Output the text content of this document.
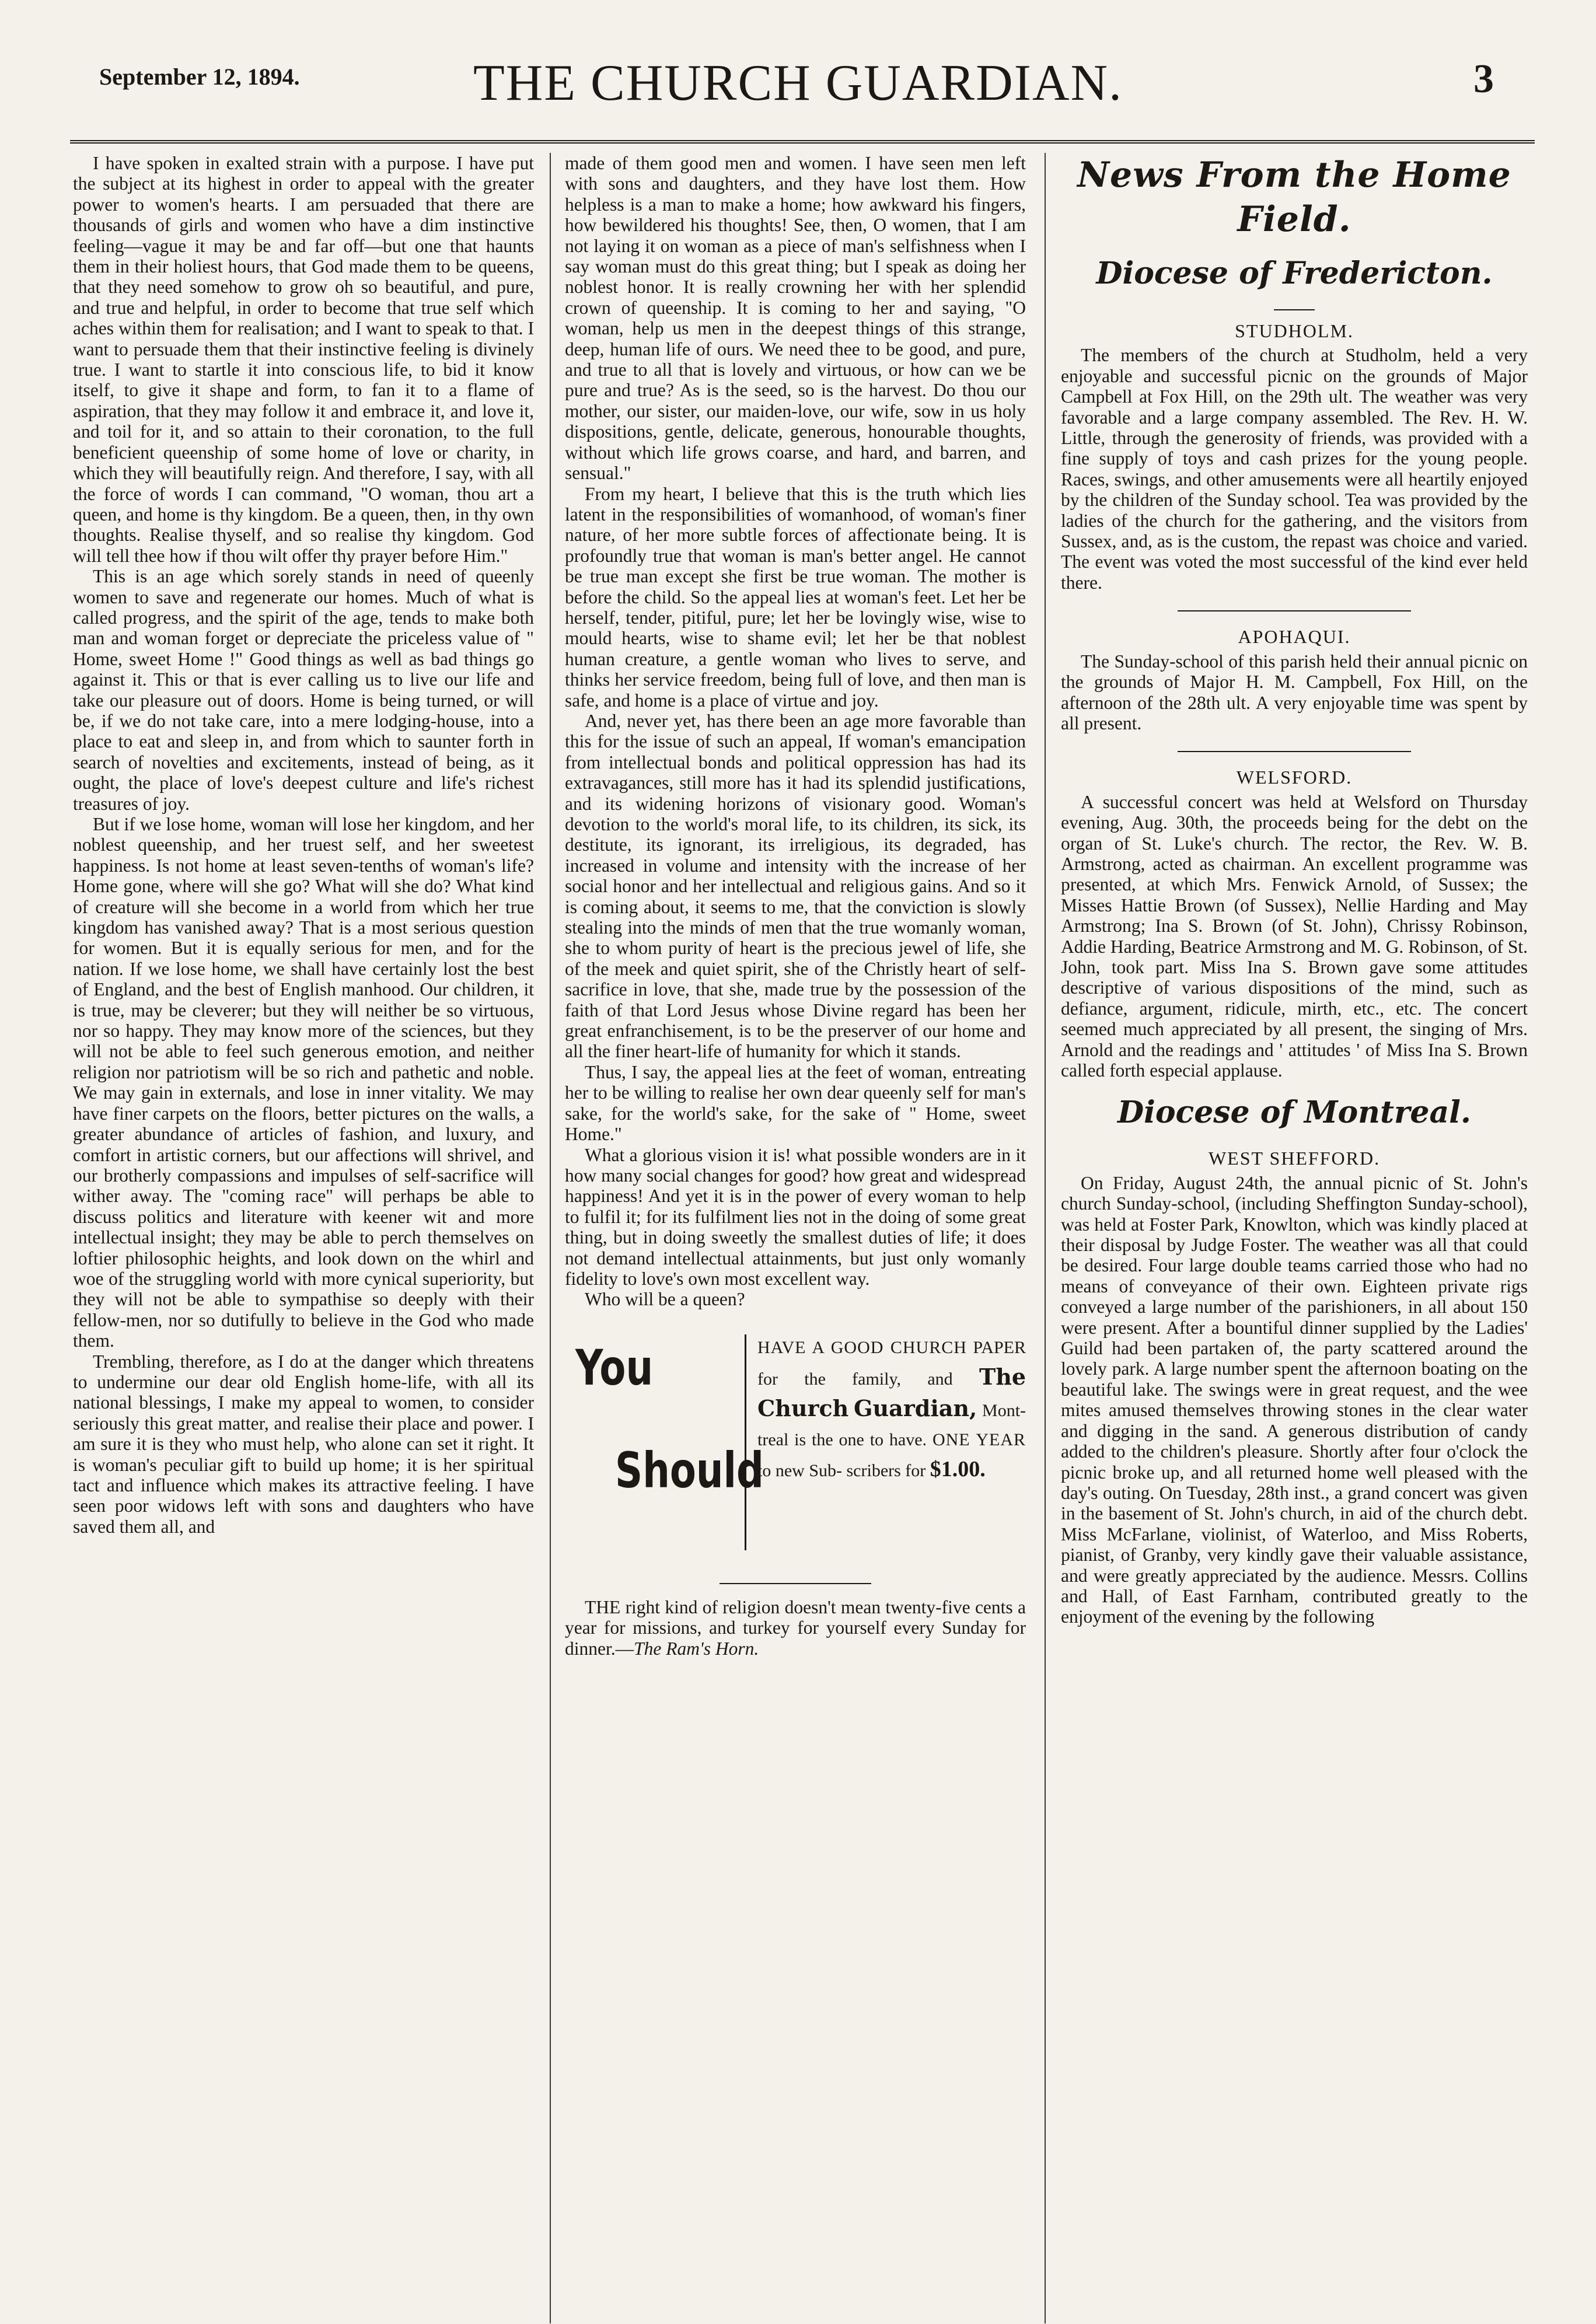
September 12, 1894.	THE CHURCH GUARDIAN.	3

I have spoken in exalted strain with a purpose. I have put the subject at its highest in order to appeal with the greater power to women's hearts. I am persuaded that there are thousands of girls and women who have a dim instinctive feeling—vague it may be and far off—but one that haunts them in their holiest hours, that God made them to be queens, that they need somehow to grow oh so beautiful, and pure, and true and helpful, in order to become that true self which aches within them for realisation; and I want to speak to that. I want to persuade them that their instinctive feeling is divinely true. I want to startle it into conscious life, to bid it know itself, to give it shape and form, to fan it to a flame of aspiration, that they may follow it and embrace it, and love it, and toil for it, and so attain to their coronation, to the full beneficient queenship of some home of love or charity, in which they will beautifully reign. And therefore, I say, with all the force of words I can command, "O woman, thou art a queen, and home is thy kingdom. Be a queen, then, in thy own thoughts. Realise thyself, and so realise thy kingdom. God will tell thee how if thou wilt offer thy prayer before Him."

This is an age which sorely stands in need of queenly women to save and regenerate our homes. Much of what is called progress, and the spirit of the age, tends to make both man and woman forget or depreciate the priceless value of " Home, sweet Home !" Good things as well as bad things go against it. This or that is ever calling us to live our life and take our pleasure out of doors. Home is being turned, or will be, if we do not take care, into a mere lodging-house, into a place to eat and sleep in, and from which to saunter forth in search of novelties and excitements, instead of being, as it ought, the place of love's deepest culture and life's richest treasures of joy.

But if we lose home, woman will lose her kingdom, and her noblest queenship, and her truest self, and her sweetest happiness. Is not home at least seven-tenths of woman's life? Home gone, where will she go? What will she do? What kind of creature will she become in a world from which her true kingdom has vanished away? That is a most serious question for women. But it is equally serious for men, and for the nation. If we lose home, we shall have certainly lost the best of England, and the best of English manhood. Our children, it is true, may be cleverer; but they will neither be so virtuous, nor so happy. They may know more of the sciences, but they will not be able to feel such generous emotion, and neither religion nor patriotism will be so rich and pathetic and noble. We may gain in externals, and lose in inner vitality. We may have finer carpets on the floors, better pictures on the walls, a greater abundance of articles of fashion, and luxury, and comfort in artistic corners, but our affections will shrivel, and our brotherly compassions and impulses of self-sacrifice will wither away. The "coming race" will perhaps be able to discuss politics and literature with keener wit and more intellectual insight; they may be able to perch themselves on loftier philosophic heights, and look down on the whirl and woe of the struggling world with more cynical superiority, but they will not be able to sympathise so deeply with their fellow-men, nor so dutifully to believe in the God who made them.

Trembling, therefore, as I do at the danger which threatens to undermine our dear old English home-life, with all its national blessings, I make my appeal to women, to consider seriously this great matter, and realise their place and power. I am sure it is they who must help, who alone can set it right. It is woman's peculiar gift to build up home; it is her spiritual tact and influence which makes its attractive feeling. I have seen poor widows left with sons and daughters who have saved them all, and

made of them good men and women. I have seen men left with sons and daughters, and they have lost them. How helpless is a man to make a home; how awkward his fingers, how bewildered his thoughts! See, then, O women, that I am not laying it on woman as a piece of man's selfishness when I say woman must do this great thing; but I speak as doing her noblest honor. It is really crowning her with her splendid crown of queenship. It is coming to her and saying, "O woman, help us men in the deepest things of this strange, deep, human life of ours. We need thee to be good, and pure, and true to all that is lovely and virtuous, or how can we be pure and true? As is the seed, so is the harvest. Do thou our mother, our sister, our maiden-love, our wife, sow in us holy dispositions, gentle, delicate, generous, honourable thoughts, without which life grows coarse, and hard, and barren, and sensual."

From my heart, I believe that this is the truth which lies latent in the responsibilities of womanhood, of woman's finer nature, of her more subtle forces of affectionate being. It is profoundly true that woman is man's better angel. He cannot be true man except she first be true woman. The mother is before the child. So the appeal lies at woman's feet. Let her be herself, tender, pitiful, pure; let her be lovingly wise, wise to mould hearts, wise to shame evil; let her be that noblest human creature, a gentle woman who lives to serve, and thinks her service freedom, being full of love, and then man is safe, and home is a place of virtue and joy.

And, never yet, has there been an age more favorable than this for the issue of such an appeal, If woman's emancipation from intellectual bonds and political oppression has had its extravagances, still more has it had its splendid justifications, and its widening horizons of visionary good. Woman's devotion to the world's moral life, to its children, its sick, its destitute, its ignorant, its irreligious, its degraded, has increased in volume and intensity with the increase of her social honor and her intellectual and religious gains. And so it is coming about, it seems to me, that the conviction is slowly stealing into the minds of men that the true womanly woman, she to whom purity of heart is the precious jewel of life, she of the meek and quiet spirit, she of the Christly heart of self-sacrifice in love, that she, made true by the possession of the faith of that Lord Jesus whose Divine regard has been her great enfranchisement, is to be the preserver of our home and all the finer heart-life of humanity for which it stands.

Thus, I say, the appeal lies at the feet of woman, entreating her to be willing to realise her own dear queenly self for man's sake, for the world's sake, for the sake of " Home, sweet Home."

What a glorious vision it is! what possible wonders are in it how many social changes for good? how great and widespread happiness! And yet it is in the power of every woman to help to fulfil it; for its fulfilment lies not in the doing of some great thing, but in doing sweetly the smallest duties of life; it does not demand intellectual attainments, but just only womanly fidelity to love's own most excellent way.

Who will be a queen?

You
Should
HAVE A GOOD CHURCH PAPER for the family, and The Church Guardian, Mont- treal is the one to have. ONE YEAR to new Sub- scribers for $1.00.

THE right kind of religion doesn't mean twenty-five cents a year for missions, and turkey for yourself every Sunday for dinner.—The Ram's Horn.

News From the Home Field.
Diocese of Fredericton.
STUDHOLM.

The members of the church at Studholm, held a very enjoyable and successful picnic on the grounds of Major Campbell at Fox Hill, on the 29th ult. The weather was very favorable and a large company assembled. The Rev. H. W. Little, through the generosity of friends, was provided with a fine supply of toys and cash prizes for the young people. Races, swings, and other amusements were all heartily enjoyed by the children of the Sunday school. Tea was provided by the ladies of the church for the gathering, and the visitors from Sussex, and, as is the custom, the repast was choice and varied. The event was voted the most successful of the kind ever held there.

APOHAQUI.

The Sunday-school of this parish held their annual picnic on the grounds of Major H. M. Campbell, Fox Hill, on the afternoon of the 28th ult. A very enjoyable time was spent by all present.

WELSFORD.

A successful concert was held at Welsford on Thursday evening, Aug. 30th, the proceeds being for the debt on the organ of St. Luke's church. The rector, the Rev. W. B. Armstrong, acted as chairman. An excellent programme was presented, at which Mrs. Fenwick Arnold, of Sussex; the Misses Hattie Brown (of Sussex), Nellie Harding and May Armstrong; Ina S. Brown (of St. John), Chrissy Robinson, Addie Harding, Beatrice Armstrong and M. G. Robinson, of St. John, took part. Miss Ina S. Brown gave some attitudes descriptive of various dispositions of the mind, such as defiance, argument, ridicule, mirth, etc., etc. The concert seemed much appreciated by all present, the singing of Mrs. Arnold and the readings and ' attitudes ' of Miss Ina S. Brown called forth especial applause.

Diocese of Montreal.
WEST SHEFFORD.

On Friday, August 24th, the annual picnic of St. John's church Sunday-school, (including Sheffington Sunday-school), was held at Foster Park, Knowlton, which was kindly placed at their disposal by Judge Foster. The weather was all that could be desired. Four large double teams carried those who had no means of conveyance of their own. Eighteen private rigs conveyed a large number of the parishioners, in all about 150 were present. After a bountiful dinner supplied by the Ladies' Guild had been partaken of, the party scattered around the lovely park. A large number spent the afternoon boating on the beautiful lake. The swings were in great request, and the wee mites amused themselves throwing stones in the clear water and digging in the sand. A generous distribution of candy added to the children's pleasure. Shortly after four o'clock the picnic broke up, and all returned home well pleased with the day's outing. On Tuesday, 28th inst., a grand concert was given in the basement of St. John's church, in aid of the church debt. Miss McFarlane, violinist, of Waterloo, and Miss Roberts, pianist, of Granby, very kindly gave their valuable assistance, and were greatly appreciated by the audience. Messrs. Collins and Hall, of East Farnham, contributed greatly to the enjoyment of the evening by the following
